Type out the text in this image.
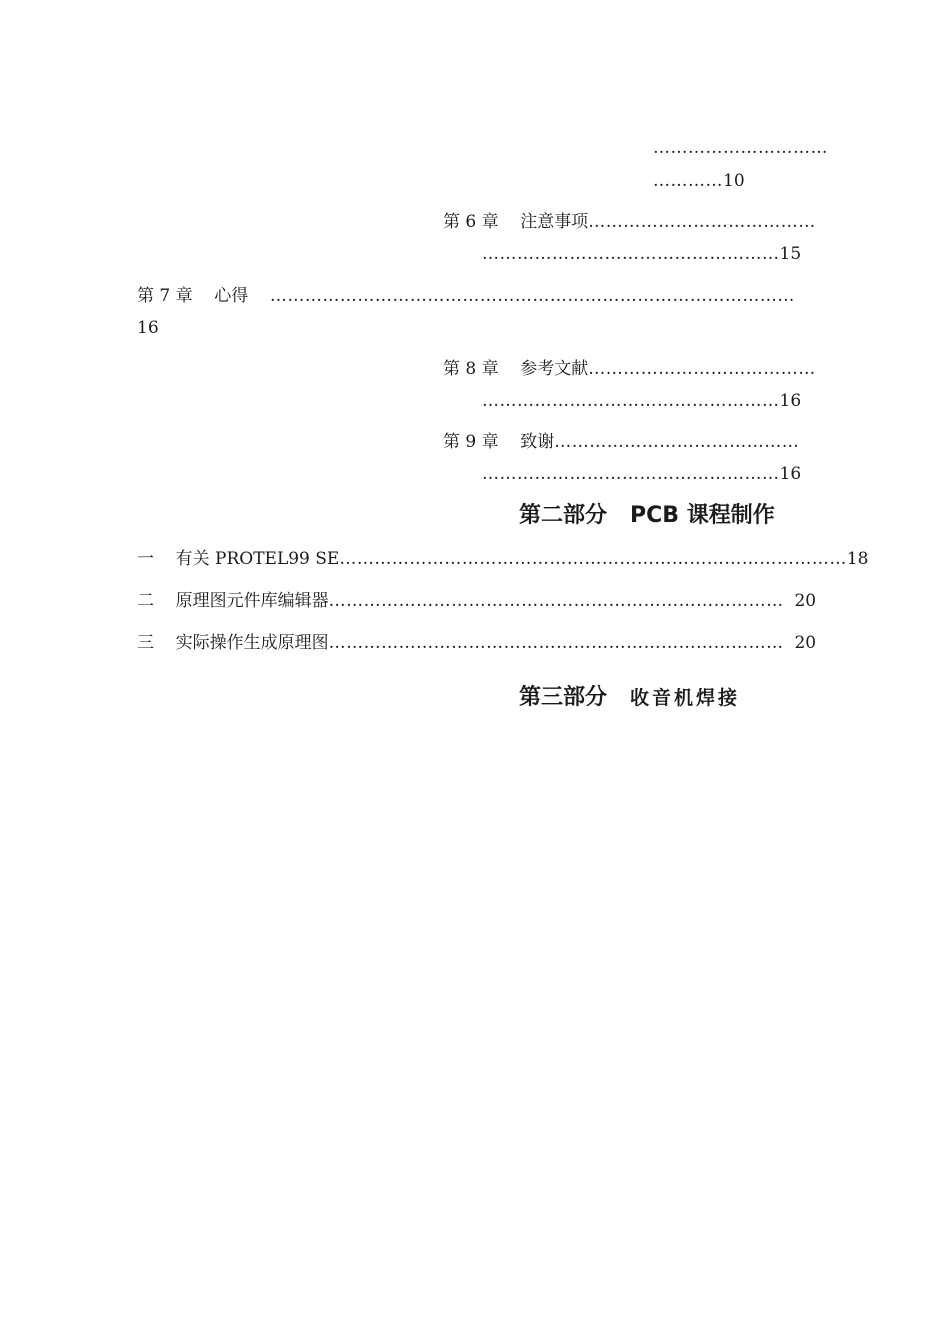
…………………………
…………10
第 6 章 注意事项…………………………………
……………………………………………15
第 7 章 心得 ………………………………………………………………………………
16
第 8 章 参考文献…………………………………
……………………………………………16
第 9 章 致谢……………………………………
……………………………………………16
第二部分 PCB 课程制作
一 有关 PROTEL99 SE……………………………………………………………………………18
二 原理图元件库编辑器…………………………………………………………………… 20
三 实际操作生成原理图…………………………………………………………………… 20
第三部分 收音机焊接
